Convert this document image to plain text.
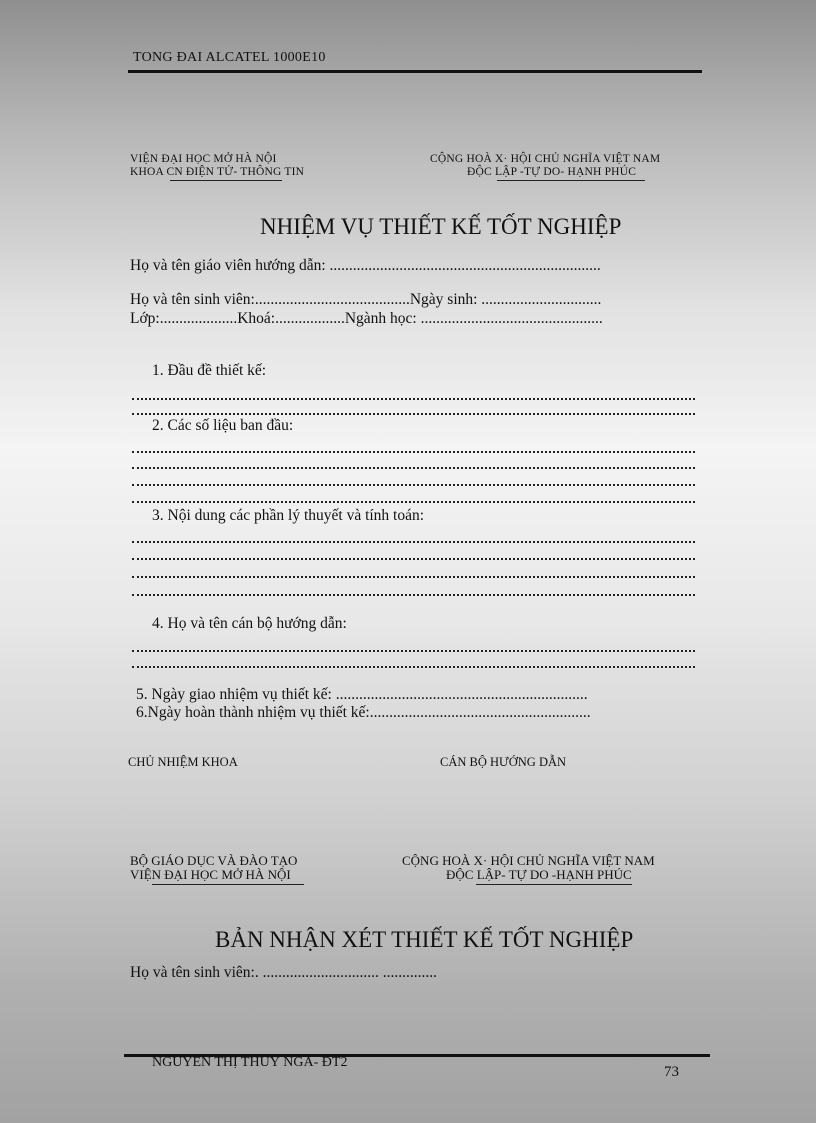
TONG ĐAI ALCATEL 1000E10
VIỆN ĐẠI HỌC MỞ HÀ NỘI
KHOA CN ĐIỆN TỬ- THÔNG TIN
CỘNG HOÀ X· HỘI CHỦ NGHĨA VIỆT NAM
ĐỘC LẬP -TỰ DO- HẠNH PHÚC
NHIỆM VỤ THIẾT KẾ TỐT NGHIỆP
Họ và tên giáo viên hướng dẫn: ......................................................................
Họ và tên sinh viên:........................................Ngày sinh: ...............................
Lớp:....................Khoá:..................Ngành học: ...............................................
1. Đầu đề thiết kế:
2. Các số liệu ban đầu:
3. Nội dung các phần lý thuyết và tính toán:
4. Họ và tên cán bộ hướng dẫn:
5. Ngày giao nhiệm vụ thiết kế: .................................................................
6.Ngày hoàn thành nhiệm vụ thiết kế:.........................................................
CHỦ NHIỆM KHOA	CÁN BỘ HƯỚNG DẪN
BỘ GIÁO DỤC VÀ ĐÀO TẠO
VIỆN ĐẠI HỌC MỞ HÀ NỘI
CỘNG HOÀ X· HỘI CHỦ NGHĨA VIỆT NAM
ĐỘC LẬP- TỰ DO -HẠNH PHÚC
BẢN NHẬN XÉT THIẾT KẾ TỐT NGHIỆP
Họ và tên sinh viên:. .............................. ..............
NGUYỄN THỊ THUÝ NGA- ĐT2
73
